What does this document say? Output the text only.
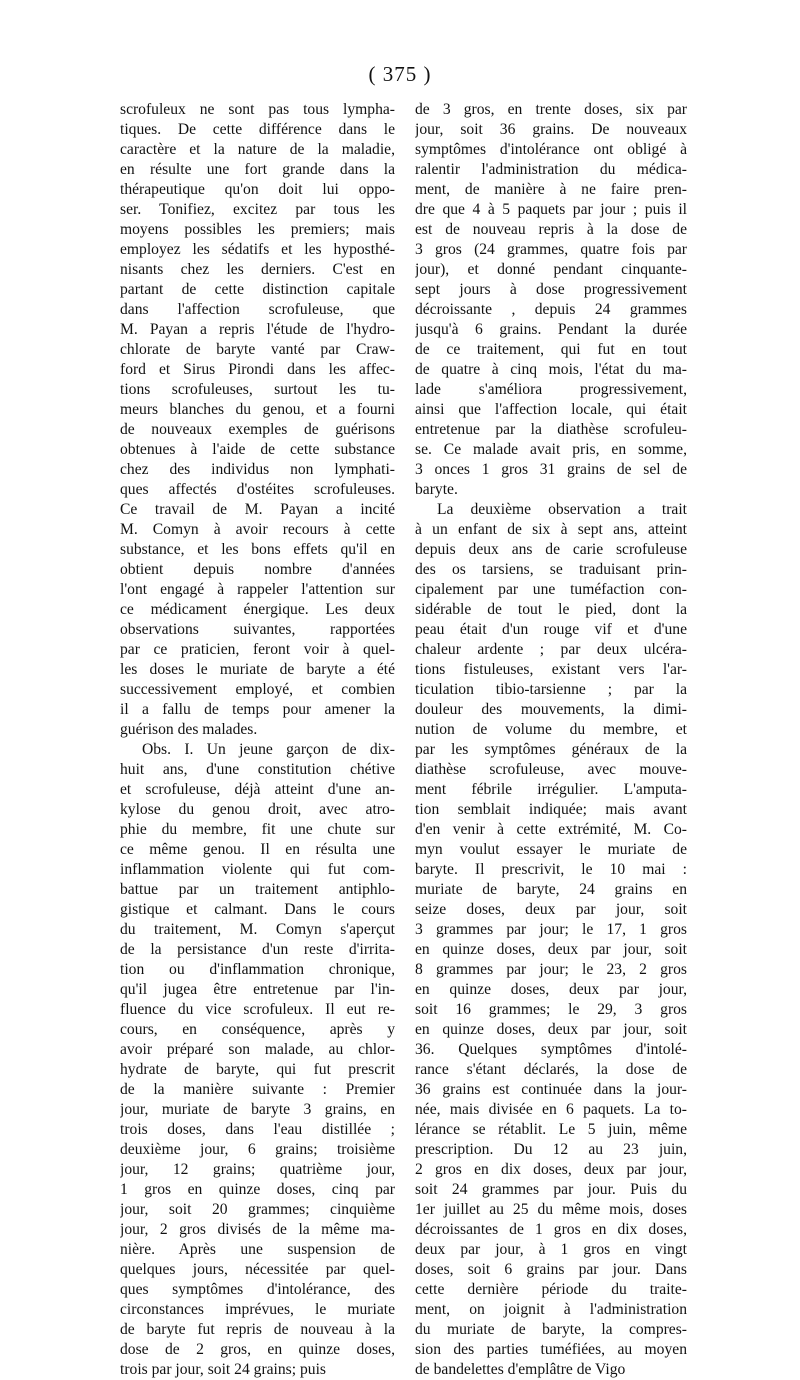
( 375 )

scrofuleux ne sont pas tous lympha-
tiques. De cette différence dans le
caractère et la nature de la maladie,
en résulte une fort grande dans la
thérapeutique qu'on doit lui oppo-
ser. Tonifiez, excitez par tous les
moyens possibles les premiers; mais
employez les sédatifs et les hyposthé-
nisants chez les derniers. C'est en
partant de cette distinction capitale
dans l'affection scrofuleuse, que
M. Payan a repris l'étude de l'hydro-
chlorate de baryte vanté par Craw-
ford et Sirus Pirondi dans les affec-
tions scrofuleuses, surtout les tu-
meurs blanches du genou, et a fourni
de nouveaux exemples de guérisons
obtenues à l'aide de cette substance
chez des individus non lymphati-
ques affectés d'ostéites scrofuleuses.
Ce travail de M. Payan a incité
M. Comyn à avoir recours à cette
substance, et les bons effets qu'il en
obtient depuis nombre d'années
l'ont engagé à rappeler l'attention sur
ce médicament énergique. Les deux
observations suivantes, rapportées
par ce praticien, feront voir à quel-
les doses le muriate de baryte a été
successivement employé, et combien
il a fallu de temps pour amener la
guérison des malades.

Obs. I. Un jeune garçon de dix-
huit ans, d'une constitution chétive
et scrofuleuse, déjà atteint d'une an-
kylose du genou droit, avec atro-
phie du membre, fit une chute sur
ce même genou. Il en résulta une
inflammation violente qui fut com-
battue par un traitement antiphlo-
gistique et calmant. Dans le cours
du traitement, M. Comyn s'aperçut
de la persistance d'un reste d'irrita-
tion ou d'inflammation chronique,
qu'il jugea être entretenue par l'in-
fluence du vice scrofuleux. Il eut re-
cours, en conséquence, après y
avoir préparé son malade, au chlor-
hydrate de baryte, qui fut prescrit
de la manière suivante : Premier
jour, muriate de baryte 3 grains, en
trois doses, dans l'eau distillée ;
deuxième jour, 6 grains; troisième
jour, 12 grains; quatrième jour,
1 gros en quinze doses, cinq par
jour, soit 20 grammes; cinquième
jour, 2 gros divisés de la même ma-
nière. Après une suspension de
quelques jours, nécessitée par quel-
ques symptômes d'intolérance, des
circonstances imprévues, le muriate
de baryte fut repris de nouveau à la
dose de 2 gros, en quinze doses,
trois par jour, soit 24 grains; puis

de 3 gros, en trente doses, six par
jour, soit 36 grains. De nouveaux
symptômes d'intolérance ont obligé à
ralentir l'administration du médica-
ment, de manière à ne faire pren-
dre que 4 à 5 paquets par jour ; puis il
est de nouveau repris à la dose de
3 gros (24 grammes, quatre fois par
jour), et donné pendant cinquante-
sept jours à dose progressivement
décroissante , depuis 24 grammes
jusqu'à 6 grains. Pendant la durée
de ce traitement, qui fut en tout
de quatre à cinq mois, l'état du ma-
lade s'améliora progressivement,
ainsi que l'affection locale, qui était
entretenue par la diathèse scrofuleu-
se. Ce malade avait pris, en somme,
3 onces 1 gros 31 grains de sel de
baryte.

La deuxième observation a trait
à un enfant de six à sept ans, atteint
depuis deux ans de carie scrofuleuse
des os tarsiens, se traduisant prin-
cipalement par une tuméfaction con-
sidérable de tout le pied, dont la
peau était d'un rouge vif et d'une
chaleur ardente ; par deux ulcéra-
tions fistuleuses, existant vers l'ar-
ticulation tibio-tarsienne ; par la
douleur des mouvements, la dimi-
nution de volume du membre, et
par les symptômes généraux de la
diathèse scrofuleuse, avec mouve-
ment fébrile irrégulier. L'amputa-
tion semblait indiquée; mais avant
d'en venir à cette extrémité, M. Co-
myn voulut essayer le muriate de
baryte. Il prescrivit, le 10 mai :
muriate de baryte, 24 grains en
seize doses, deux par jour, soit
3 grammes par jour; le 17, 1 gros
en quinze doses, deux par jour, soit
8 grammes par jour; le 23, 2 gros
en quinze doses, deux par jour,
soit 16 grammes; le 29, 3 gros
en quinze doses, deux par jour, soit
36. Quelques symptômes d'intolé-
rance s'étant déclarés, la dose de
36 grains est continuée dans la jour-
née, mais divisée en 6 paquets. La to-
lérance se rétablit. Le 5 juin, même
prescription. Du 12 au 23 juin,
2 gros en dix doses, deux par jour,
soit 24 grammes par jour. Puis du
1er juillet au 25 du même mois, doses
décroissantes de 1 gros en dix doses,
deux par jour, à 1 gros en vingt
doses, soit 6 grains par jour. Dans
cette dernière période du traite-
ment, on joignit à l'administration
du muriate de baryte, la compres-
sion des parties tuméfiées, au moyen
de bandelettes d'emplâtre de Vigo
